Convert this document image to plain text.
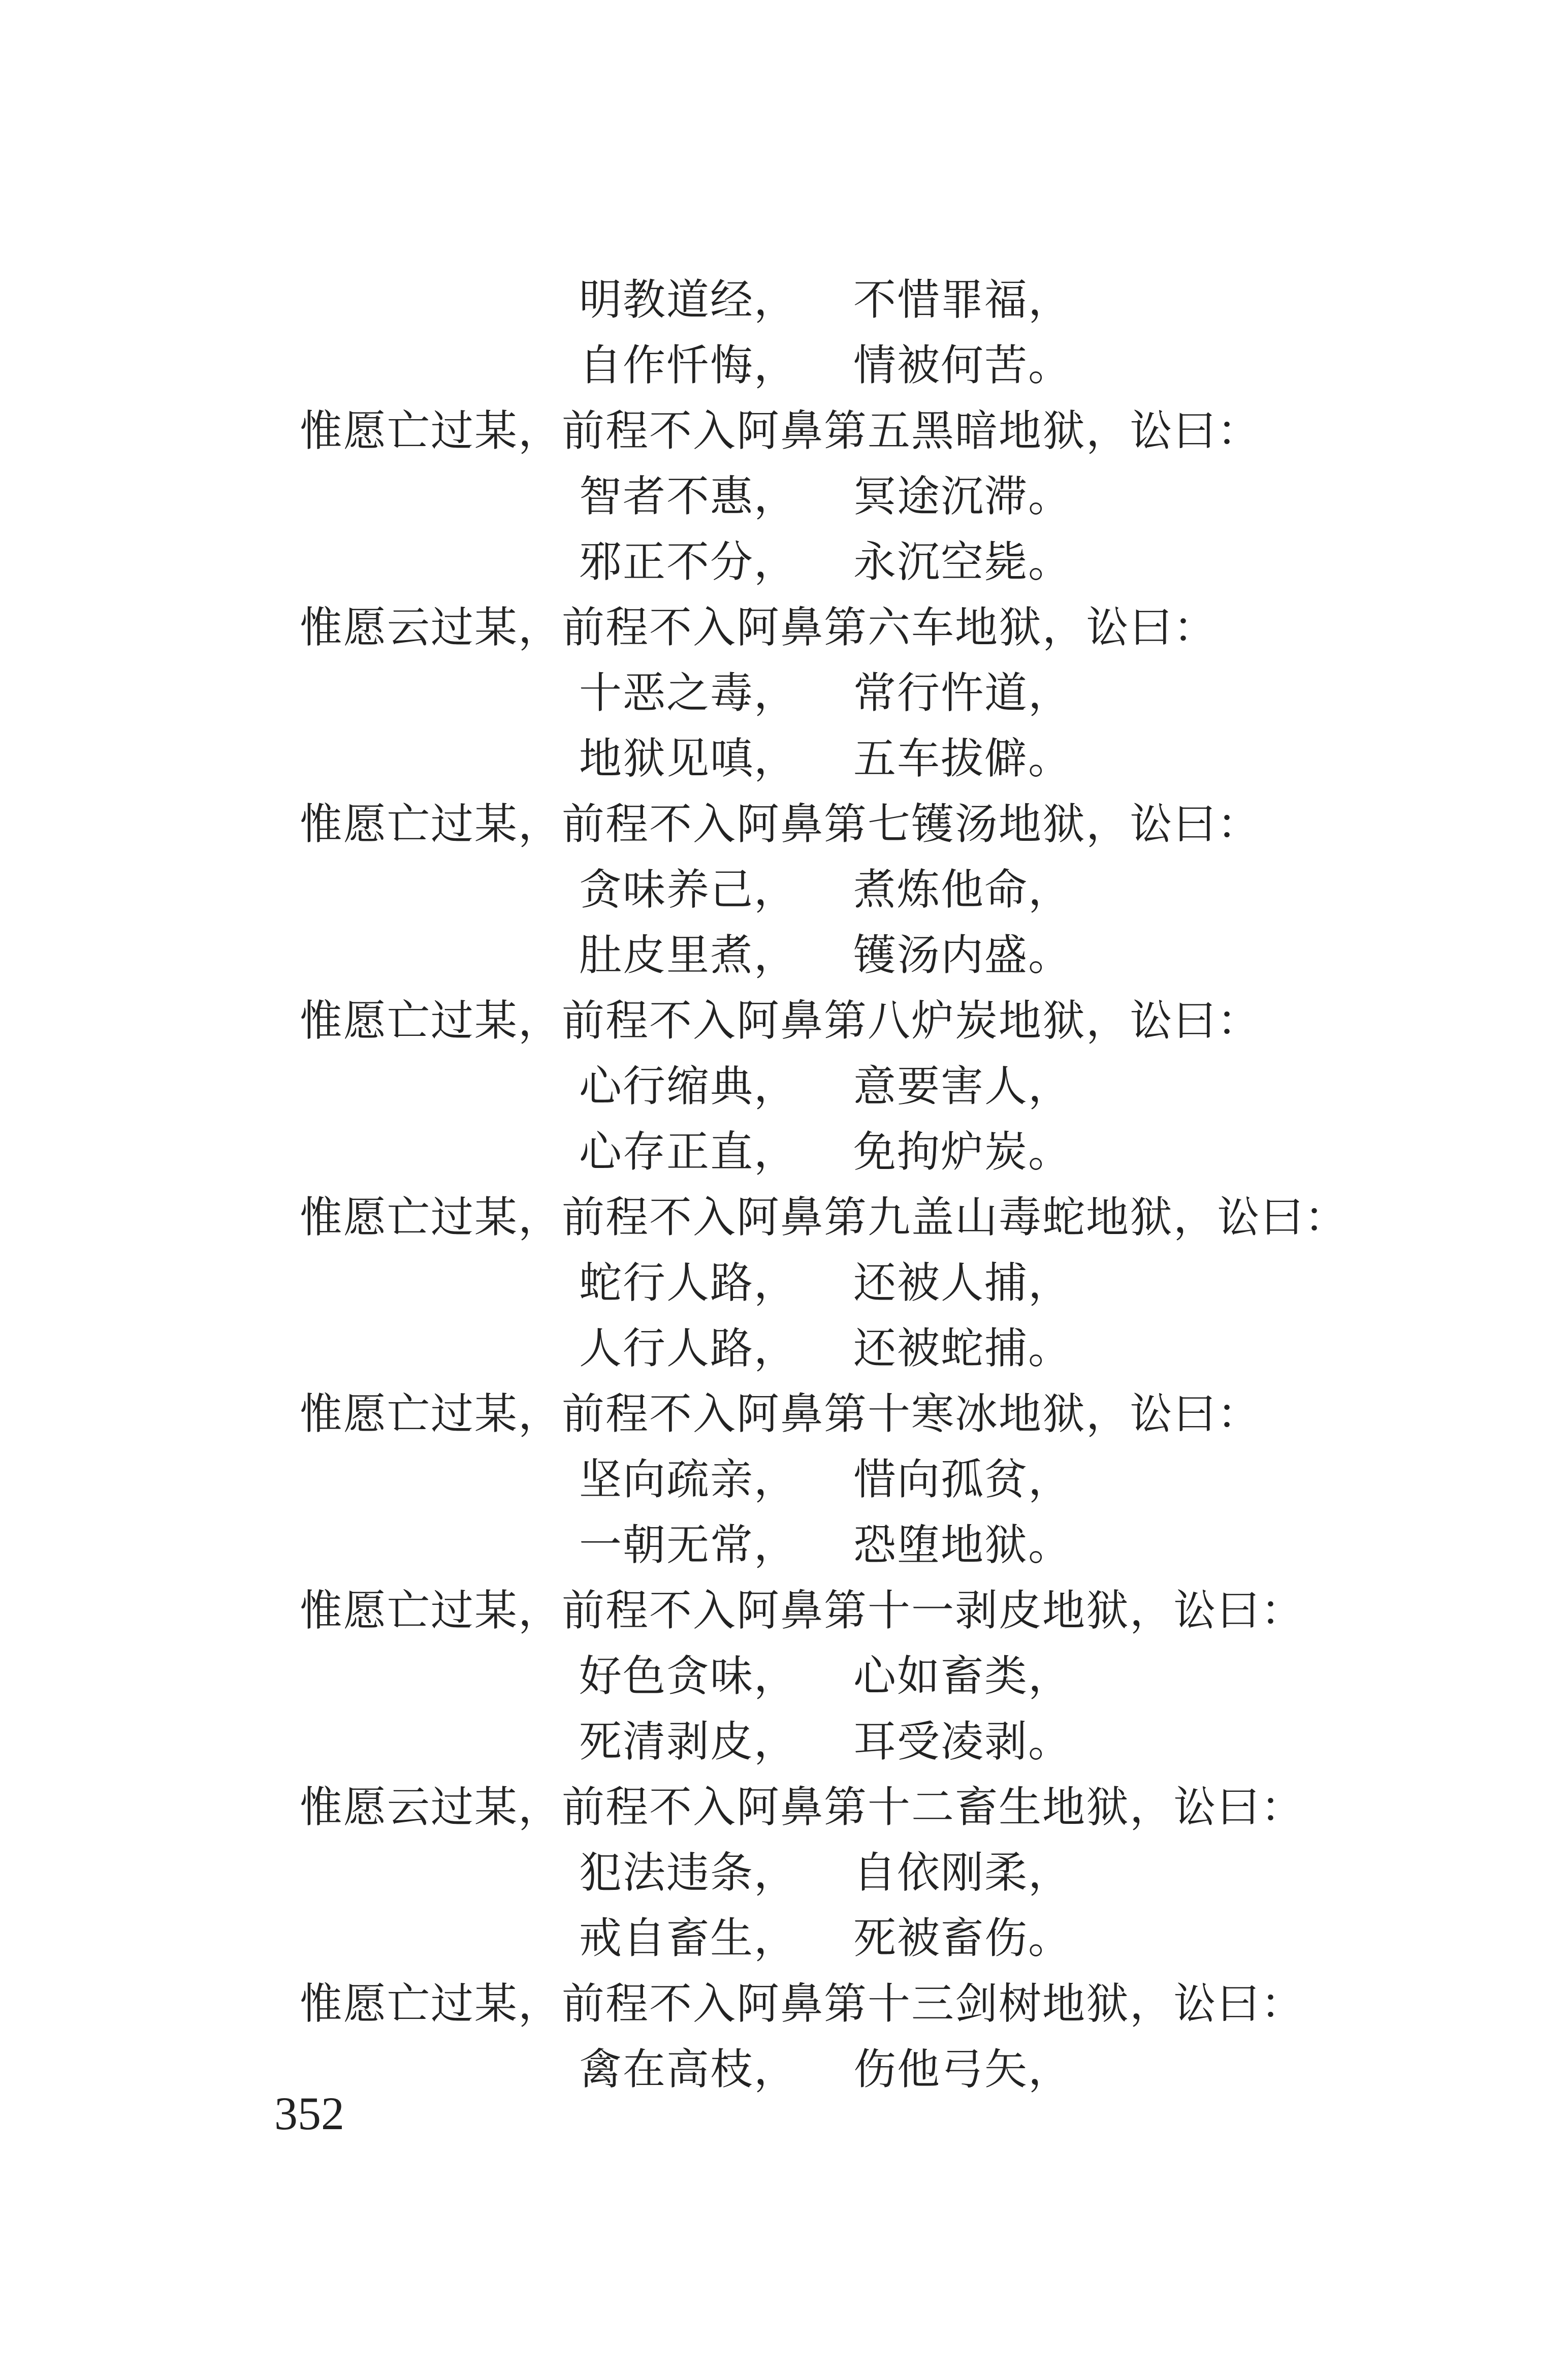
明教道经， 不惜罪福，
自作忏悔， 情被何苦。
惟愿亡过某，前程不入阿鼻第五黑暗地狱，讼曰：
智者不惠， 冥途沉滞。
邪正不分， 永沉空毙。
惟愿云过某，前程不入阿鼻第六车地狱，讼曰：
十恶之毒， 常行忤道，
地狱见嗔， 五车拔僻。
惟愿亡过某，前程不入阿鼻第七镬汤地狱，讼曰：
贪味养己， 煮炼他命，
肚皮里煮， 镬汤内盛。
惟愿亡过某，前程不入阿鼻第八炉炭地狱，讼曰：
心行缩典， 意要害人，
心存正直， 免拘炉炭。
惟愿亡过某，前程不入阿鼻第九盖山毒蛇地狱，讼曰：
蛇行人路， 还被人捕，
人行人路， 还被蛇捕。
惟愿亡过某，前程不入阿鼻第十寒冰地狱，讼曰：
坚向疏亲， 惜向孤贫，
一朝无常， 恐堕地狱。
惟愿亡过某，前程不入阿鼻第十一剥皮地狱，讼曰：
好色贪味， 心如畜类，
死清剥皮， 耳受凌剥。
惟愿云过某，前程不入阿鼻第十二畜生地狱，讼曰：
犯法违条， 自依刚柔，
戒自畜生， 死被畜伤。
惟愿亡过某，前程不入阿鼻第十三剑树地狱，讼曰：
禽在高枝， 伤他弓矢，
352
